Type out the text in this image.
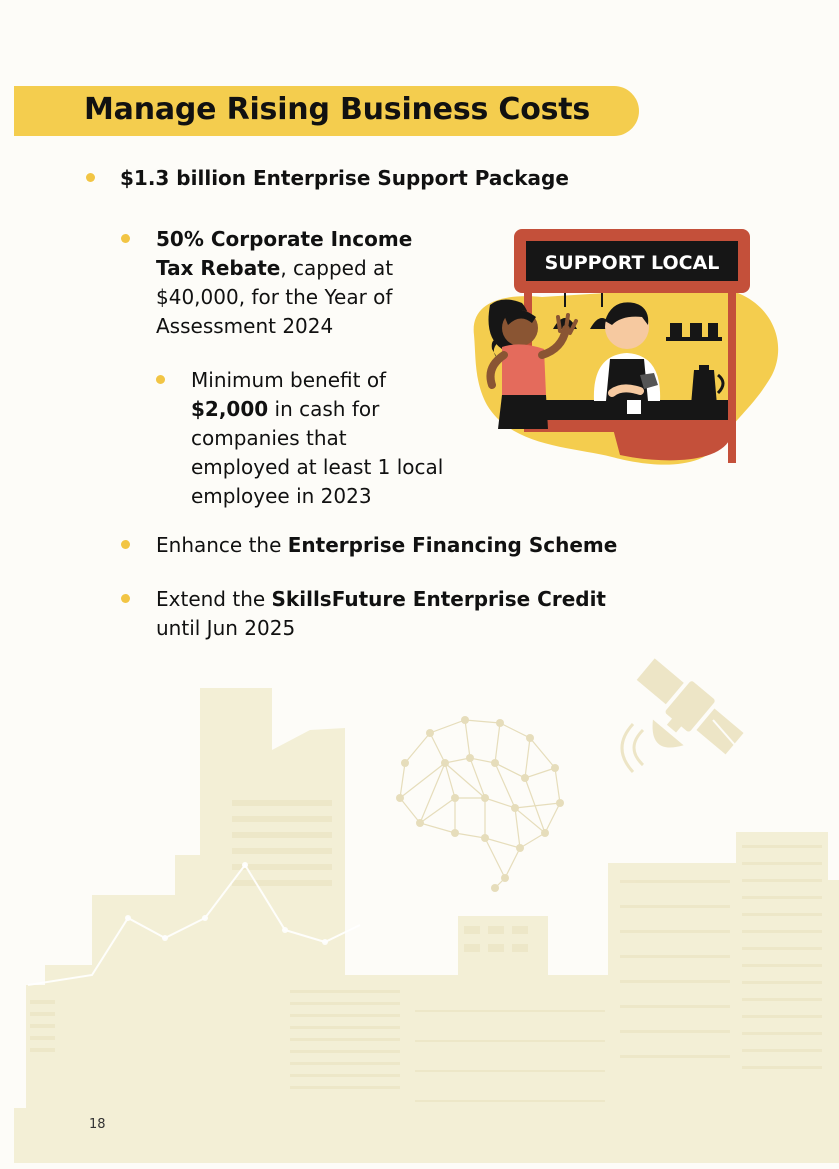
Manage Rising Business Costs
$1.3 billion Enterprise Support Package
50% Corporate Income
Tax Rebate, capped at
$40,000, for the Year of
Assessment 2024
Minimum benefit of
$2,000 in cash for
companies that
employed at least 1 local
employee in 2023
Enhance the Enterprise Financing Scheme
Extend the SkillsFuture Enterprise Credit
until Jun 2025
SUPPORT LOCAL
18
